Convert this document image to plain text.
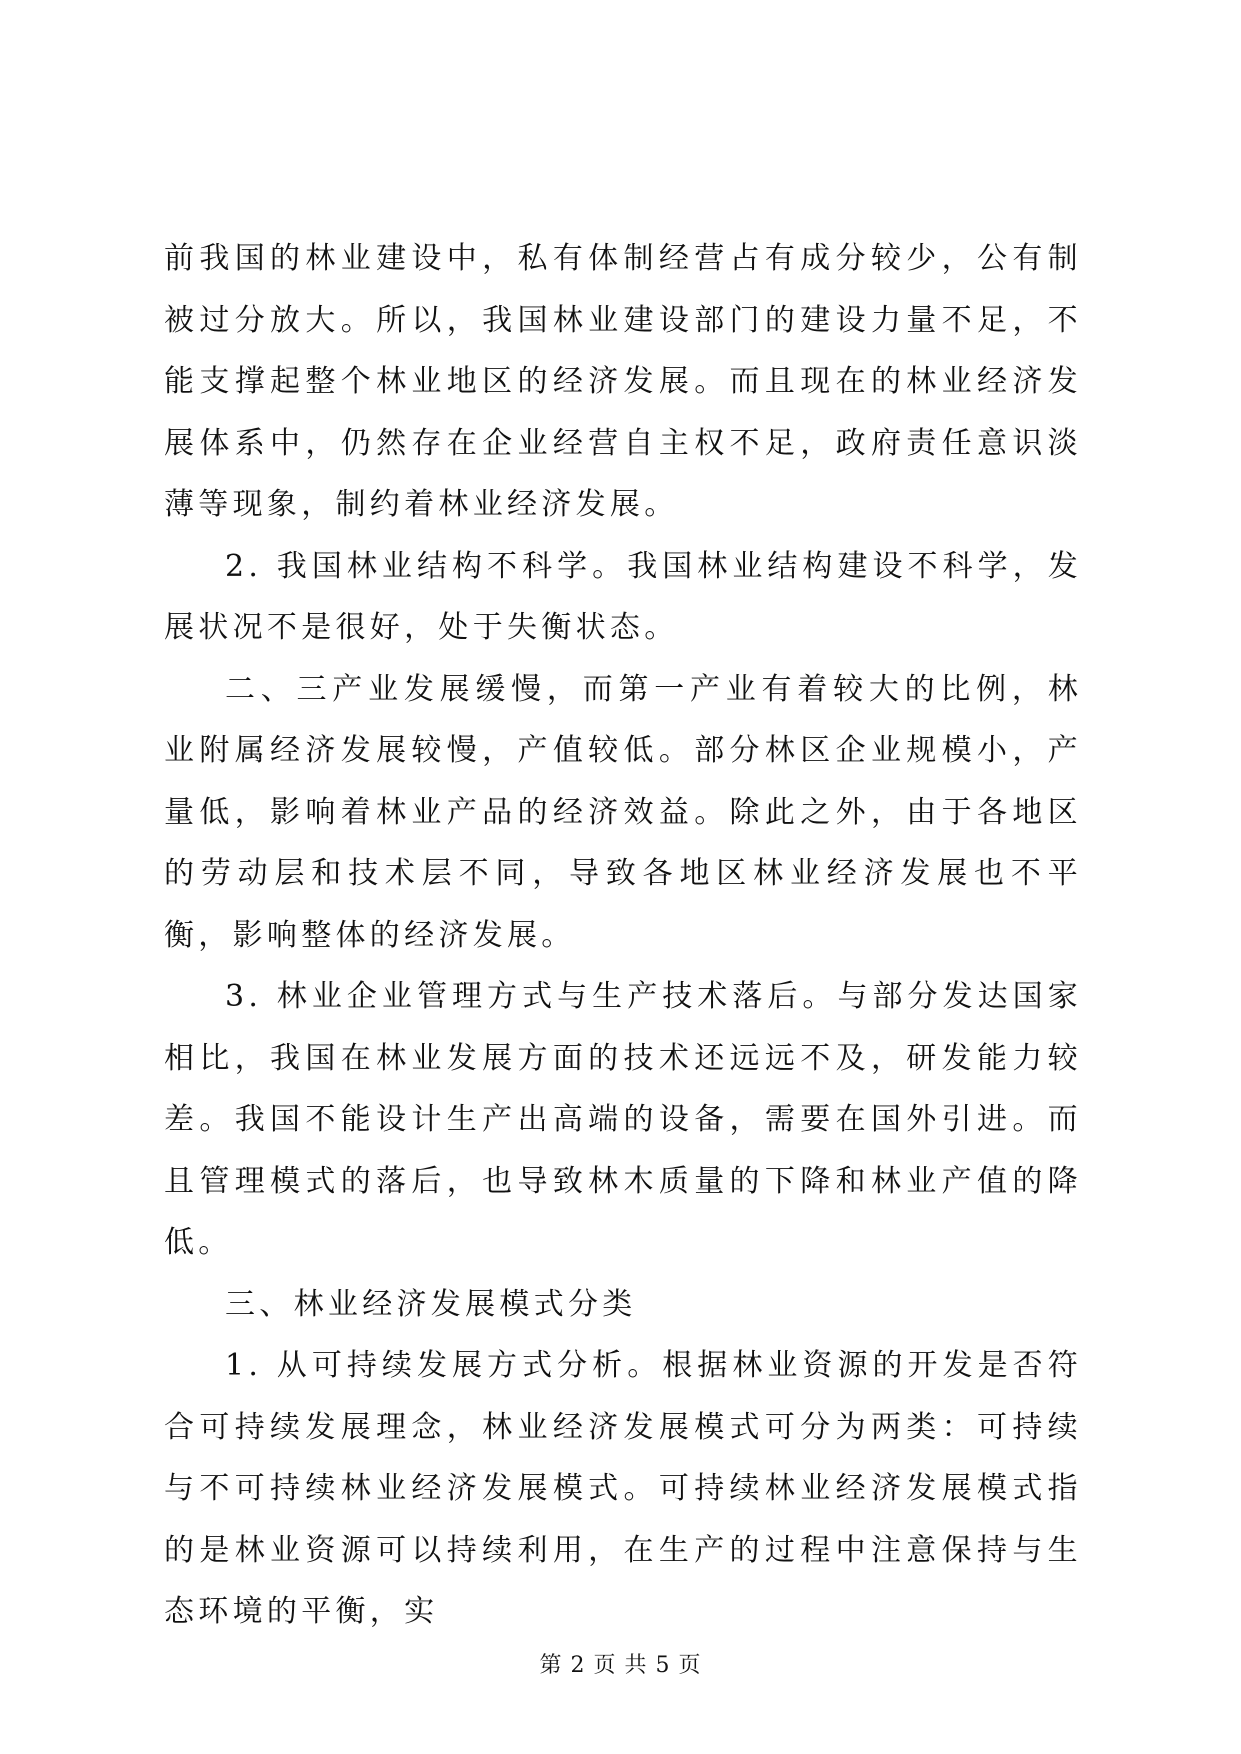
前我国的林业建设中，私有体制经营占有成分较少，公有制被过分放大。所以，我国林业建设部门的建设力量不足，不能支撑起整个林业地区的经济发展。而且现在的林业经济发展体系中，仍然存在企业经营自主权不足，政府责任意识淡薄等现象，制约着林业经济发展。

2. 我国林业结构不科学。我国林业结构建设不科学，发展状况不是很好，处于失衡状态。

二、三产业发展缓慢，而第一产业有着较大的比例，林业附属经济发展较慢，产值较低。部分林区企业规模小，产量低，影响着林业产品的经济效益。除此之外，由于各地区的劳动层和技术层不同，导致各地区林业经济发展也不平衡，影响整体的经济发展。

3. 林业企业管理方式与生产技术落后。与部分发达国家相比，我国在林业发展方面的技术还远远不及，研发能力较差。我国不能设计生产出高端的设备，需要在国外引进。而且管理模式的落后，也导致林木质量的下降和林业产值的降低。

三、林业经济发展模式分类

1. 从可持续发展方式分析。根据林业资源的开发是否符合可持续发展理念，林业经济发展模式可分为两类：可持续与不可持续林业经济发展模式。可持续林业经济发展模式指的是林业资源可以持续利用，在生产的过程中注意保持与生态环境的平衡，实

第 2 页 共 5 页
